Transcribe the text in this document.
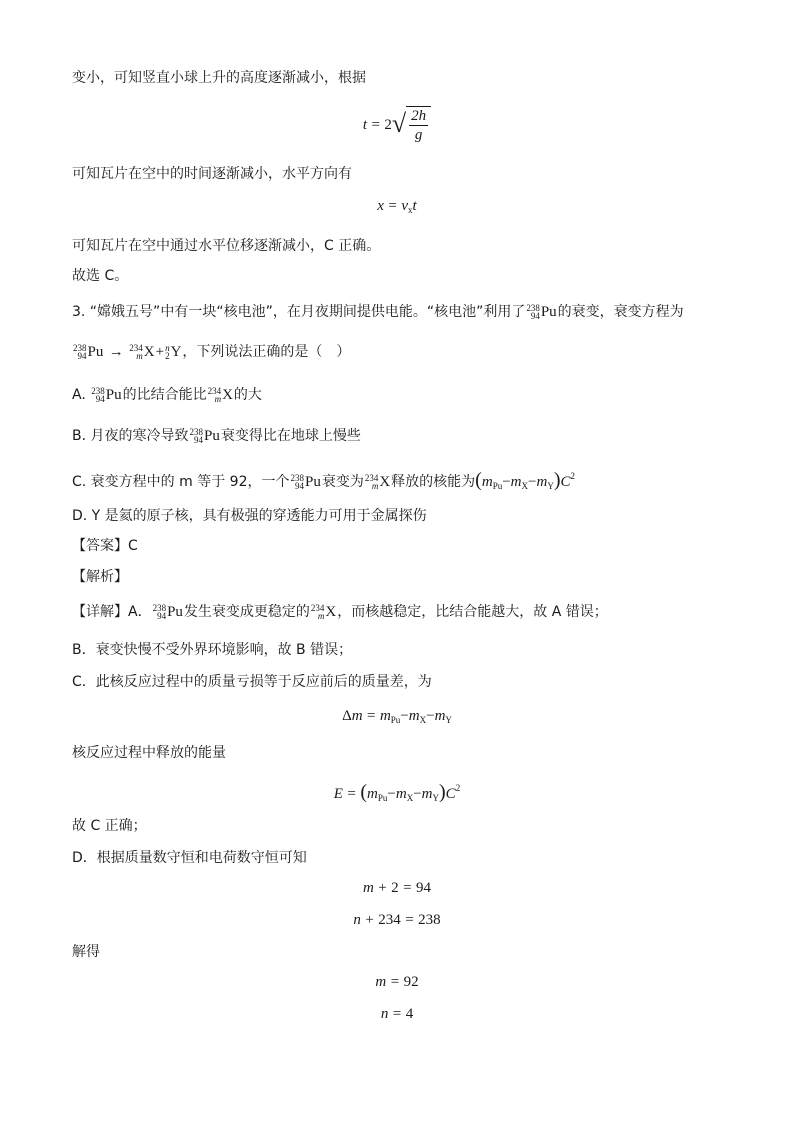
变小，可知竖直小球上升的高度逐渐减小，根据
t = 2 √ $\frac{2h}{g}$
可知瓦片在空中的时间逐渐减小，水平方向有
$x = v_xt$
可知瓦片在空中通过水平位移逐渐减小，C 正确。
故选 C。
3. “嫦娥五号”中有一块“核电池”，在月夜期间提供电能。“核电池”利用了 238
94 Pu 的衰变，衰变方程为
238
94 Pu → 234
m X + n
2 Y ，下列说法正确的是（　）
A. 238
94 Pu 的比结合能比 234
m X 的大
B. 月夜的寒冷导致 238
94 Pu 衰变得比在地球上慢些
C. 衰变方程中的 m 等于 92，一个 238
94 Pu 衰变为 234
m X 释放的核能为$(m_{Pu}-m_X-m_Y)C^2$
D. Y 是氦的原子核，具有极强的穿透能力可用于金属探伤
【答案】C
【解析】
【详解】A． 238
94 Pu 发生衰变成更稳定的 234
m X ，而核越稳定，比结合能越大，故 A 错误；
B．衰变快慢不受外界环境影响，故 B 错误；
C．此核反应过程中的质量亏损等于反应前后的质量差，为
$\Delta m = m_{Pu}-m_X-m_Y$
核反应过程中释放的能量
$E = (m_{Pu}-m_X-m_Y)C^2$
故 C 正确；
D．根据质量数守恒和电荷数守恒可知
m + 2 = 94
n + 234 = 238
解得
m = 92
n = 4
